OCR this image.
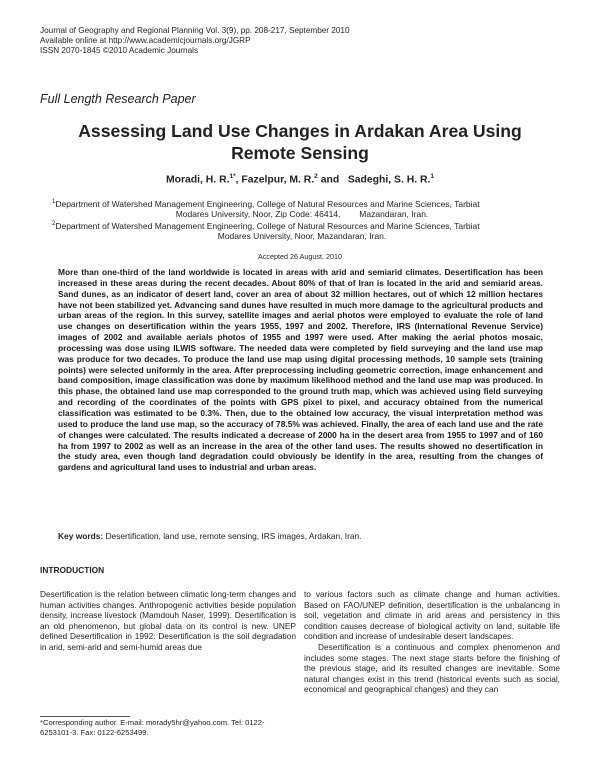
Journal of Geography and Regional Planning Vol. 3(9), pp. 208-217, September 2010
Available online at http://www.academicjournals.org/JGRP
ISSN 2070-1845 ©2010 Academic Journals
Full Length Research Paper
Assessing Land Use Changes in Ardakan Area Using
Remote Sensing
Moradi, H. R.$^{1*}$, Fazelpur, M. R.$^2$ and Sadeghi, S. H. R.$^1$
$^1$Department of Watershed Management Engineering, College of Natural Resources and Marine Sciences, Tarbiat
Modares University, Noor, Zip Code: 46414,        Mazandaran, Iran.
$^2$Department of Watershed Management Engineering, College of Natural Resources and Marine Sciences, Tarbiat
Modares University, Noor, Mazandaran, Iran.
Accepted 26 August, 2010
More than one-third of the land worldwide is located in areas with arid and semiarid climates. Desertification has been increased in these areas during the recent decades. About 80% of that of Iran is located in the arid and semiarid areas. Sand dunes, as an indicator of desert land, cover an area of about 32 million hectares, out of which 12 million hectares have not been stabilized yet. Advancing sand dunes have resulted in much more damage to the agricultural products and urban areas of the region. In this survey, satellite images and aerial photos were employed to evaluate the role of land use changes on desertification within the years 1955, 1997 and 2002. Therefore, IRS (International Revenue Service) images of 2002 and available aerials photos of 1955 and 1997 were used. After making the aerial photos mosaic, processing was dose using ILWIS software. The needed data were completed by field surveying and the land use map was produce for two decades. To produce the land use map using digital processing methods, 10 sample sets (training points) were selected uniformly in the area. After preprocessing including geometric correction, image enhancement and band composition, image classification was done by maximum likelihood method and the land use map was produced. In this phase, the obtained land use map corresponded to the ground truth map, which was achieved using field surveying and recording of the coordinates of the points with GPS pixel to pixel, and accuracy obtained from the numerical classification was estimated to be 0.3%. Then, due to the obtained low accuracy, the visual interpretation method was used to produce the land use map, so the accuracy of 78.5% was achieved. Finally, the area of each land use and the rate of changes were calculated. The results indicated a decrease of 2000 ha in the desert area from 1955 to 1997 and of 160 ha from 1997 to 2002 as well as an increase in the area of the other land uses. The results showed no desertification in the study area, even though land degradation could obviously be identify in the area, resulting from the changes of gardens and agricultural land uses to industrial and urban areas.
Key words: Desertification, land use, remote sensing, IRS images, Ardakan, Iran.
INTRODUCTION

Desertification is the relation between climatic long-term changes and human activities changes. Anthropogenic activities beside population density, increase livestock (Mamdouh Naser, 1999). Desertification is an old phenomenon, but global data on its control is new. UNEP defined Desertification in 1992: Desertification is the soil degradation in arid, semi-arid and semi-humid areas due

to various factors such as climate change and human activities. Based on FAO/UNEP definition, desertification is the unbalancing in soil, vegetation and climate in arid areas and persistency in this condition causes decrease of biological activity on land, suitable life condition and increase of undesirable desert landscapes.

Desertification is a continuous and complex phenomenon and includes some stages. The next stage starts before the finishing of the previous stage, and its resulted changes are inevitable. Some natural changes exist in this trend (historical events such as social, economical and geographical changes) and they can

*Corresponding author. E-mail: morady5hr@yahoo.com. Tel: 0122-6253101-3. Fax: 0122-6253499.
